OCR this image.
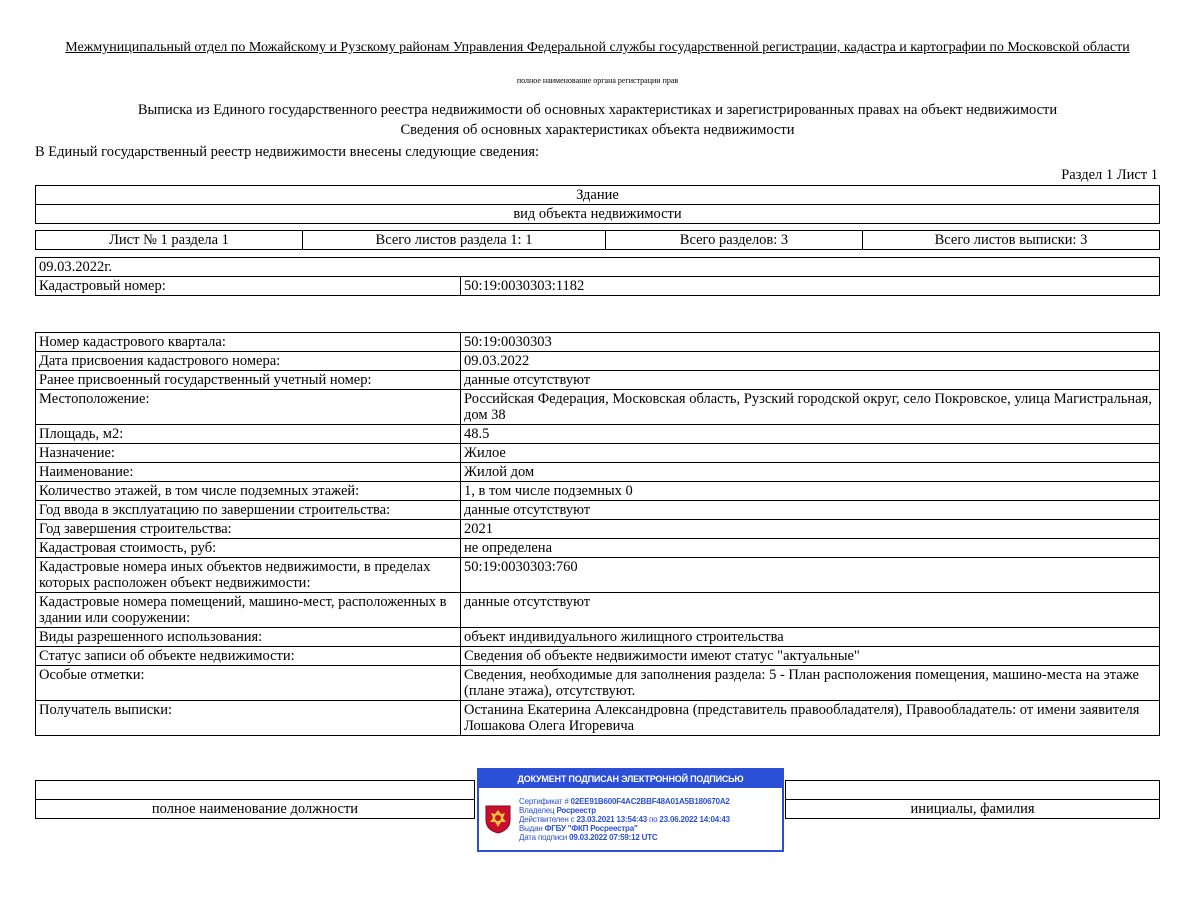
Межмуниципальный отдел по Можайскому и Рузскому районам Управления Федеральной службы государственной регистрации, кадастра и картографии по Московской области
полное наименование органа регистрации прав
Выписка из Единого государственного реестра недвижимости об основных характеристиках и зарегистрированных правах на объект недвижимости
Сведения об основных характеристиках объекта недвижимости
В Единый государственный реестр недвижимости внесены следующие сведения:
Раздел 1 Лист 1
Здание
вид объекта недвижимости
Лист № 1 раздела 1	Всего листов раздела 1: 1	Всего разделов: 3	Всего листов выписки: 3
09.03.2022г.
Кадастровый номер:	50:19:0030303:1182
Номер кадастрового квартала:	50:19:0030303
Дата присвоения кадастрового номера:	09.03.2022
Ранее присвоенный государственный учетный номер:	данные отсутствуют
Местоположение:	Российская Федерация, Московская область, Рузский городской округ, село Покровское, улица Магистральная, дом 38
Площадь, м2:	48.5
Назначение:	Жилое
Наименование:	Жилой дом
Количество этажей, в том числе подземных этажей:	1, в том числе подземных 0
Год ввода в эксплуатацию по завершении строительства:	данные отсутствуют
Год завершения строительства:	2021
Кадастровая стоимость, руб:	не определена
Кадастровые номера иных объектов недвижимости, в пределах которых расположен объект недвижимости:	50:19:0030303:760
Кадастровые номера помещений, машино-мест, расположенных в здании или сооружении:	данные отсутствуют
Виды разрешенного использования:	объект индивидуального жилищного строительства
Статус записи об объекте недвижимости:	Сведения об объекте недвижимости имеют статус "актуальные"
Особые отметки:	Сведения, необходимые для заполнения раздела: 5 - План расположения помещения, машино-места на этаже (плане этажа), отсутствуют.
Получатель выписки:	Останина Екатерина Александровна (представитель правообладателя), Правообладатель: от имени заявителя Лошакова Олега Игоревича

полное наименование должности		инициалы, фамилия
ДОКУМЕНТ ПОДПИСАН ЭЛЕКТРОННОЙ ПОДПИСЬЮ
Сертификат # 02EE91B600F4AC2BBF48A01A5B180670A2
Владелец Росреестр
Действителен с 23.03.2021 13:54:43 по 23.06.2022 14:04:43
Выдан ФГБУ "ФКП Росреестра"
Дата подписи 09.03.2022 07:59:12 UTC
